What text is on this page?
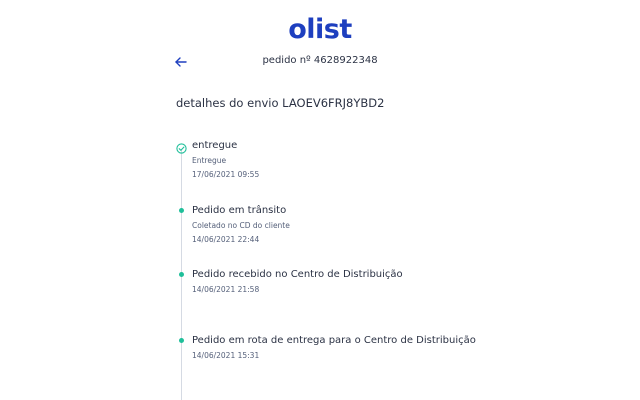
olist
pedido nº 4628922348
detalhes do envio LAOEV6FRJ8YBD2
entregue
Entregue
17/06/2021 09:55
Pedido em trânsito
Coletado no CD do cliente
14/06/2021 22:44
Pedido recebido no Centro de Distribuição
14/06/2021 21:58
Pedido em rota de entrega para o Centro de Distribuição
14/06/2021 15:31
